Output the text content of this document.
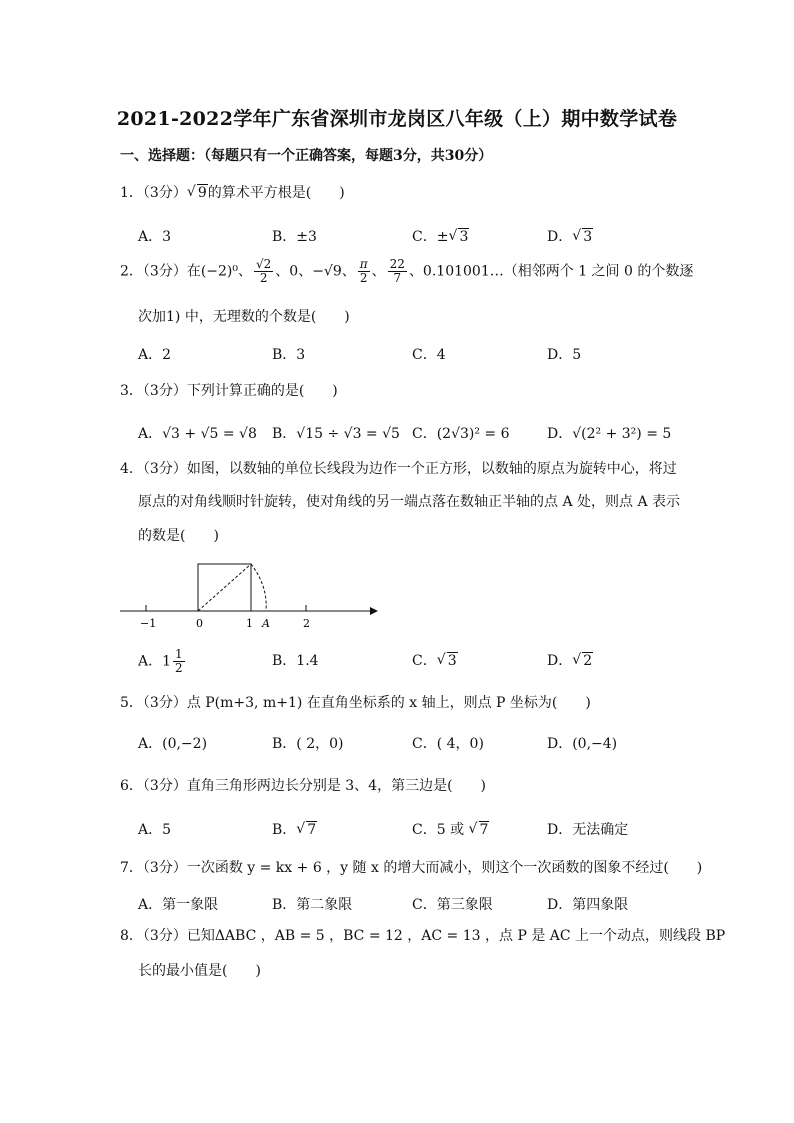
2021-2022学年广东省深圳市龙岗区八年级（上）期中数学试卷
一、选择题：（每题只有一个正确答案，每题3分，共30分）
1．（3分） √ 9的算术平方根是(　　)
A．3	B．±3	C．± √ 3	D． √ 3
2．（3分）在(−2)⁰、 $\frac{√2}{2}$ 、0、−√9、 $\frac{\pi}{2}$ 、 $\frac{22}{7}$ 、0.101001…（相邻两个 1 之间 0 的个数逐
次加1) 中，无理数的个数是(　　)
A．2	B．3	C．4	D．5
3．（3分）下列计算正确的是(　　)
A．√3 + √5 = √8 B．√15 ÷ √3 = √5 C．(2√3)² = 6	D．√(2² + 3²) = 5
4．（3分）如图，以数轴的单位长线段为边作一个正方形，以数轴的原点为旋转中心，将过
原点的对角线顺时针旋转，使对角线的另一端点落在数轴正半轴的点 A 处，则点 A 表示
的数是(　　)
−1	0	1 A	2
A．$1 \frac{1}{2}$	B．1.4	C． √ 3	D． √ 2
5．（3分）点 P(m+3, m+1) 在直角坐标系的 x 轴上，则点 P 坐标为(　　)
A．(0,−2)	B．( 2，0)	C．( 4，0)	D．(0,−4)
6．（3分）直角三角形两边长分别是 3、4，第三边是(　　)
A．5	B． √ 7	C．5 或 √ 7	D．无法确定
7．（3分）一次函数 y = kx + 6 ，y 随 x 的增大而减小，则这个一次函数的图象不经过(　　)
A．第一象限	B．第二象限	C．第三象限	D．第四象限
8．（3分）已知ΔABC ，AB = 5 ，BC = 12 ，AC = 13 ，点 P 是 AC 上一个动点，则线段 BP
长的最小值是(　　)
